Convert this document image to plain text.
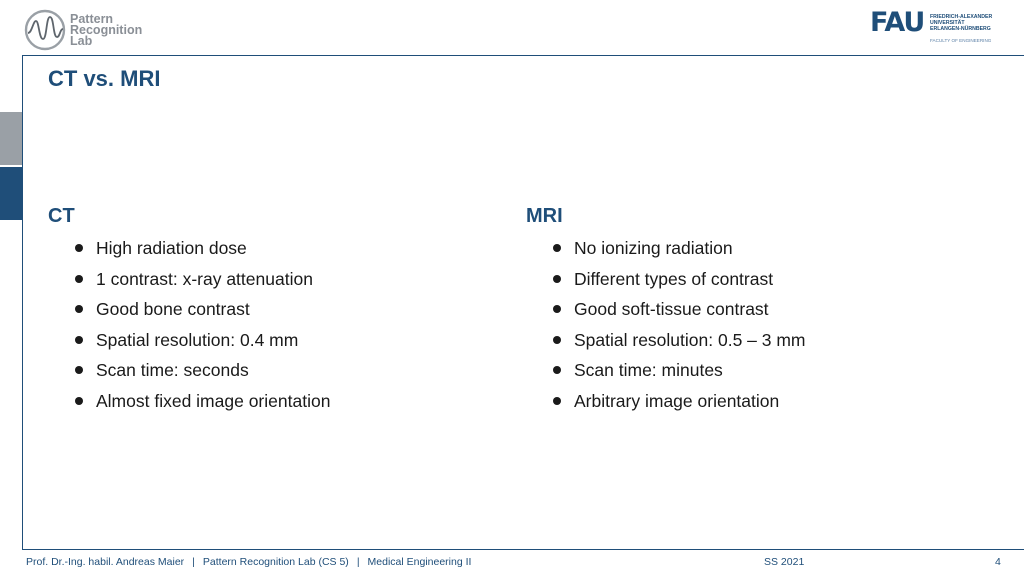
Pattern
Recognition
Lab
FAU FRIEDRICH-ALEXANDER
UNIVERSITÄT
ERLANGEN-NÜRNBERG
FACULTY OF ENGINEERING
CT vs. MRI
CT
High radiation dose
1 contrast: x-ray attenuation
Good bone contrast
Spatial resolution: 0.4 mm
Scan time: seconds
Almost fixed image orientation
MRI
No ionizing radiation
Different types of contrast
Good soft-tissue contrast
Spatial resolution: 0.5 – 3 mm
Scan time: minutes
Arbitrary image orientation
Prof. Dr.-Ing. habil. Andreas Maier | Pattern Recognition Lab (CS 5) | Medical Engineering II	SS 2021	4
